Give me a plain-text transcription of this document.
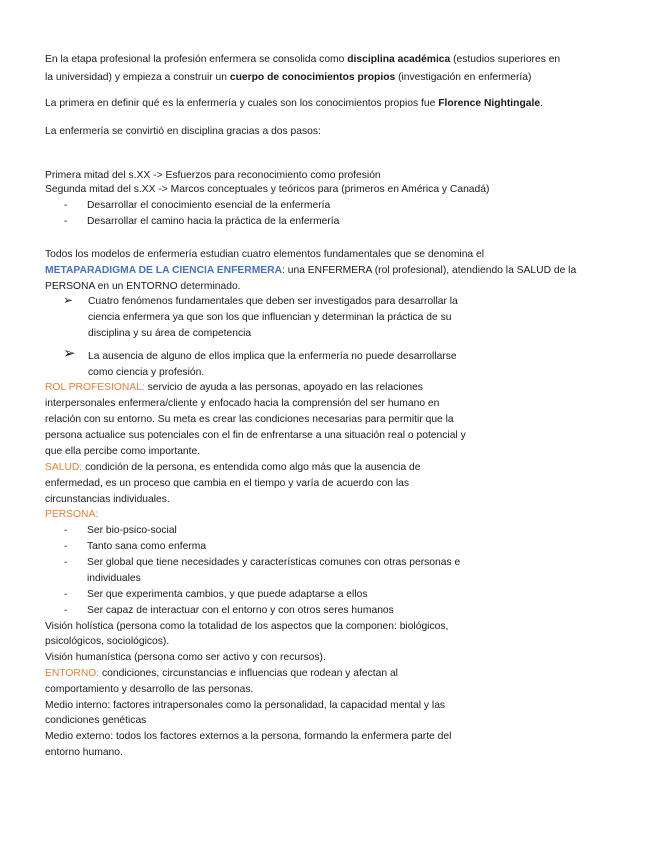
En la etapa profesional la profesión enfermera se consolida como disciplina académica (estudios superiores en
la universidad) y empieza a construir un cuerpo de conocimientos propios (investigación en enfermería)
La primera en definir qué es la enfermería y cuales son los conocimientos propios fue Florence Nightingale.
La enfermería se convirtió en disciplina gracias a dos pasos:
Primera mitad del s.XX -> Esfuerzos para reconocimiento como profesión
Segunda mitad del s.XX -> Marcos conceptuales y teóricos para (primeros en América y Canadá)
- Desarrollar el conocimiento esencial de la enfermería
- Desarrollar el camino hacia la práctica de la enfermería
Todos los modelos de enfermería estudian cuatro elementos fundamentales que se denomina el
METAPARADIGMA DE LA CIENCIA ENFERMERA: una ENFERMERA (rol profesional), atendiendo la SALUD de la
PERSONA en un ENTORNO determinado.
➢ Cuatro fenómenos fundamentales que deben ser investigados para desarrollar la
ciencia enfermera ya que son los que influencian y determinan la práctica de su
disciplina y su área de competencia
➢ La ausencia de alguno de ellos implica que la enfermería no puede desarrollarse
como ciencia y profesión.
ROL PROFESIONAL: servicio de ayuda a las personas, apoyado en las relaciones
interpersonales enfermera/cliente y enfocado hacia la comprensión del ser humano en
relación con su entorno. Su meta es crear las condiciones necesarias para permitir que la
persona actualice sus potenciales con el fin de enfrentarse a una situación real o potencial y
que ella percibe como importante.
SALUD: condición de la persona, es entendida como algo más que la ausencia de
enfermedad, es un proceso que cambia en el tiempo y varía de acuerdo con las
circunstancias individuales.
PERSONA:
- Ser bio-psico-social
- Tanto sana como enferma
- Ser global que tiene necesidades y características comunes con otras personas e
individuales
- Ser que experimenta cambios, y que puede adaptarse a ellos
- Ser capaz de interactuar con el entorno y con otros seres humanos
Visión holística (persona como la totalidad de los aspectos que la componen: biológicos,
psicológicos, sociológicos).
Visión humanística (persona como ser activo y con recursos).
ENTORNO: condiciones, circunstancias e influencias que rodean y afectan al
comportamiento y desarrollo de las personas.
Medio interno: factores intrapersonales como la personalidad, la capacidad mental y las
condiciones genéticas
Medio externo: todos los factores externos a la persona, formando la enfermera parte del
entorno humano.
